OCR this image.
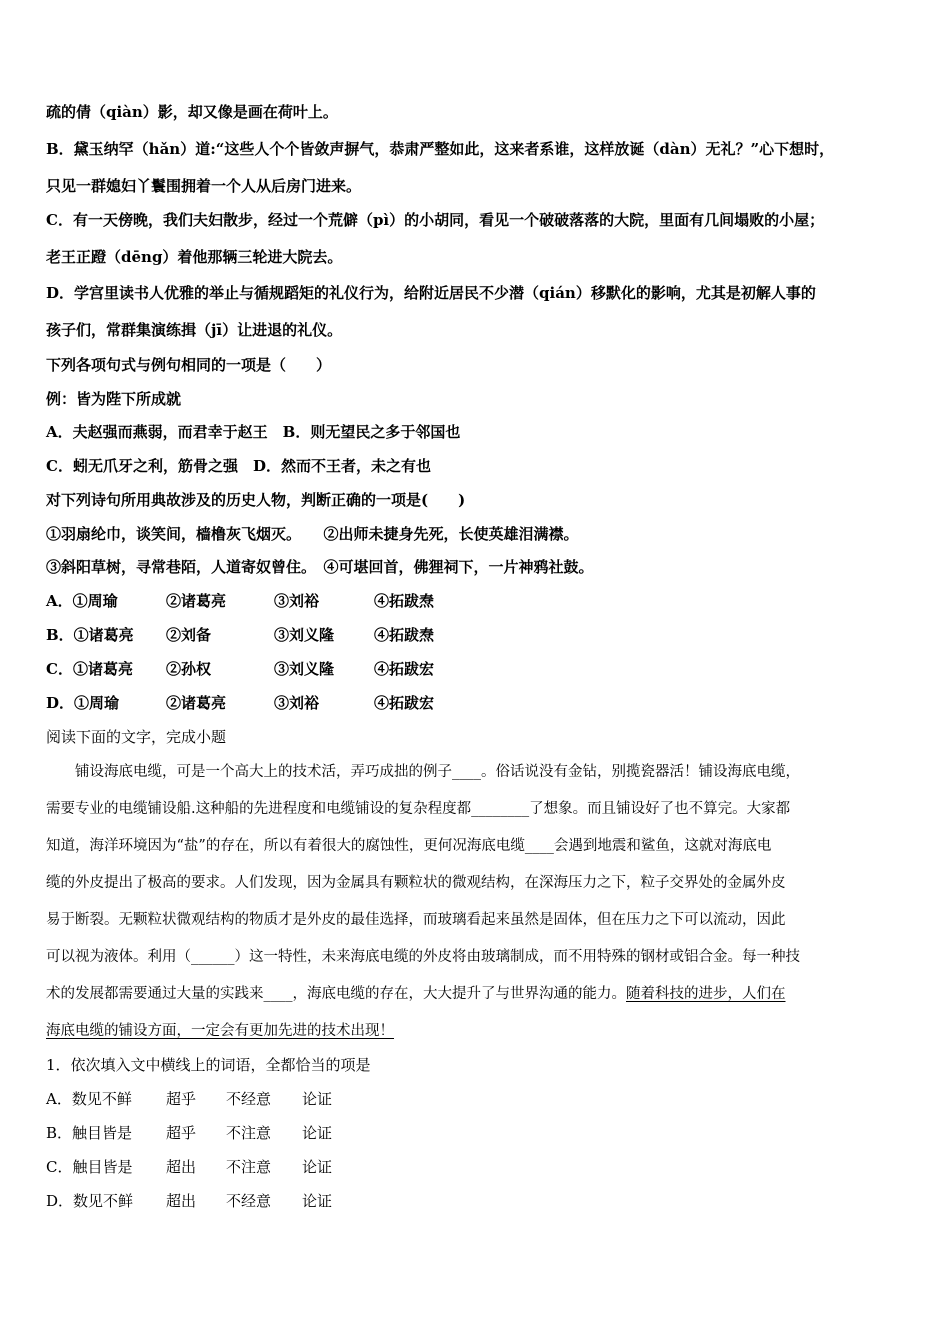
疏的倩（qiàn）影，却又像是画在荷叶上。
B．黛玉纳罕（hǎn）道:“这些人个个皆敛声摒气，恭肃严整如此，这来者系谁，这样放诞（dàn）无礼？”心下想时，
只见一群媳妇丫鬟围拥着一个人从后房门进来。
C．有一天傍晚，我们夫妇散步，经过一个荒僻（pì）的小胡同，看见一个破破落落的大院，里面有几间塌败的小屋；
老王正蹬（dēng）着他那辆三轮进大院去。
D．学宫里读书人优雅的举止与循规蹈矩的礼仪行为，给附近居民不少潜（qián）移默化的影响，尤其是初解人事的
孩子们，常群集演练揖（jī）让进退的礼仪。
下列各项句式与例句相同的一项是（　　）
例：皆为陛下所成就
A．夫赵强而燕弱，而君幸于赵王　B．则无望民之多于邻国也
C．蚓无爪牙之利，筋骨之强　D．然而不王者，未之有也
对下列诗句所用典故涉及的历史人物，判断正确的一项是(　　)
①羽扇纶巾，谈笑间，樯橹灰飞烟灭。　　②出师未捷身先死，长使英雄泪满襟。
③斜阳草树，寻常巷陌，人道寄奴曾住。　④可堪回首，佛狸祠下，一片神鸦社鼓。
A．①周瑜	②诸葛亮	③刘裕	④拓跋焘
B．①诸葛亮 ②刘备	③刘义隆	④拓跋焘
C．①诸葛亮 ②孙权	③刘义隆	④拓跋宏
D．①周瑜	②诸葛亮	③刘裕	④拓跋宏
阅读下面的文字，完成小题
　　铺设海底电缆，可是一个高大上的技术活，弄巧成拙的例子____。俗话说没有金钻，别揽瓷器活！铺设海底电缆，
需要专业的电缆铺设船.这种船的先进程度和电缆铺设的复杂程度都________了想象。而且铺设好了也不算完。大家都
知道，海洋环境因为“盐”的存在，所以有着很大的腐蚀性，更何况海底电缆____会遇到地震和鲨鱼，这就对海底电
缆的外皮提出了极高的要求。人们发现，因为金属具有颗粒状的微观结构，在深海压力之下，粒子交界处的金属外皮
易于断裂。无颗粒状微观结构的物质才是外皮的最佳选择，而玻璃看起来虽然是固体，但在压力之下可以流动，因此
可以视为液体。利用（______）这一特性，未来海底电缆的外皮将由玻璃制成，而不用特殊的钢材或铝合金。每一种技
术的发展都需要通过大量的实践来____，海底电缆的存在，大大提升了与世界沟通的能力。随着科技的进步，人们在
海底电缆的铺设方面，一定会有更加先进的技术出现！
1．依次填入文中横线上的词语，全都恰当的项是
A．数见不鲜 超乎 不经意 论证
B．触目皆是 超乎 不注意 论证
C．触目皆是 超出 不注意 论证
D．数见不鲜 超出 不经意 论证
